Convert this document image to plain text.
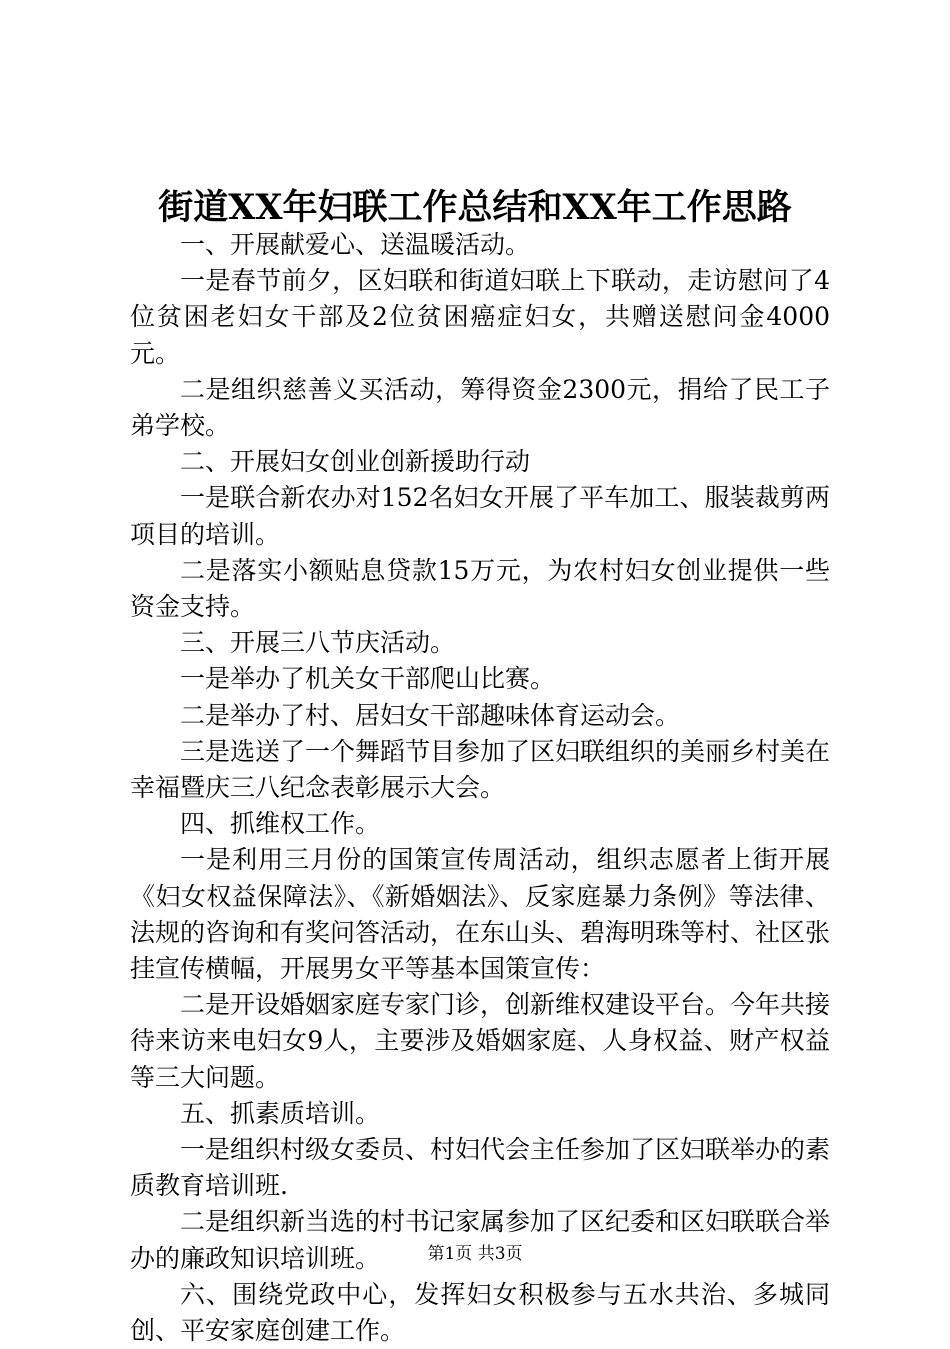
街道XX年妇联工作总结和XX年工作思路

一、开展献爱心、送温暖活动。

一是春节前夕，区妇联和街道妇联上下联动，走访慰问了4位贫困老妇女干部及2位贫困癌症妇女，共赠送慰问金4000元。

二是组织慈善义买活动，筹得资金2300元，捐给了民工子弟学校。

二、开展妇女创业创新援助行动

一是联合新农办对152名妇女开展了平车加工、服装裁剪两项目的培训。

二是落实小额贴息贷款15万元，为农村妇女创业提供一些资金支持。

三、开展三八节庆活动。

一是举办了机关女干部爬山比赛。

二是举办了村、居妇女干部趣味体育运动会。

三是选送了一个舞蹈节目参加了区妇联组织的美丽乡村美在幸福暨庆三八纪念表彰展示大会。

四、抓维权工作。

一是利用三月份的国策宣传周活动，组织志愿者上街开展《妇女权益保障法》、《新婚姻法》、反家庭暴力条例》等法律、法规的咨询和有奖问答活动，在东山头、碧海明珠等村、社区张挂宣传横幅，开展男女平等基本国策宣传：

二是开设婚姻家庭专家门诊，创新维权建设平台。今年共接待来访来电妇女9人，主要涉及婚姻家庭、人身权益、财产权益等三大问题。

五、抓素质培训。

一是组织村级女委员、村妇代会主任参加了区妇联举办的素质教育培训班.

二是组织新当选的村书记家属参加了区纪委和区妇联联合举办的廉政知识培训班。

六、围绕党政中心，发挥妇女积极参与五水共治、多城同创、平安家庭创建工作。

第1页 共3页
